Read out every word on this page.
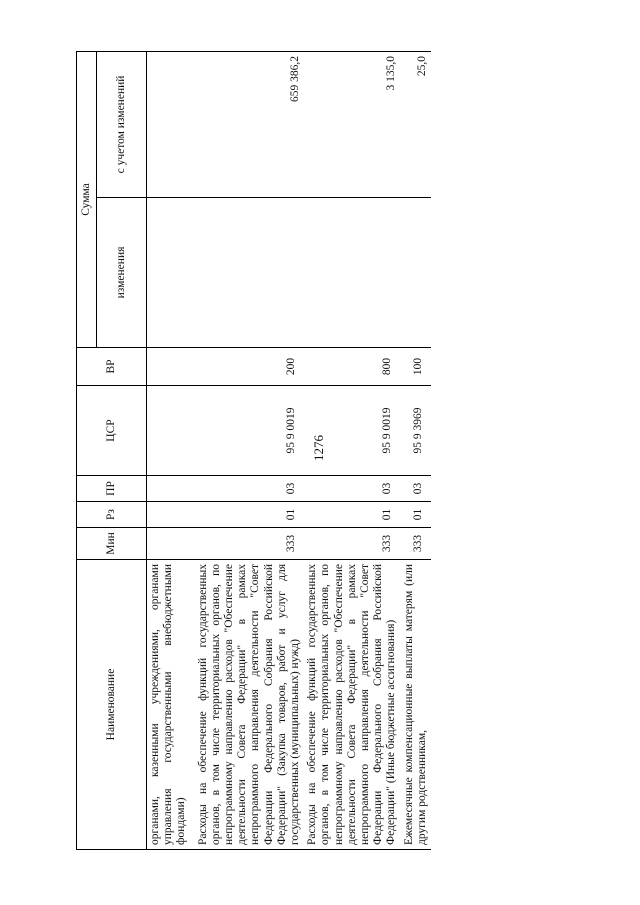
1276
Наименование	Мин	Рз	ПР	ЦСР	ВР	Сумма	
						изменения	с учетом изменений
органами, казенными учреждениями, органами управления государственными внебюджетными фондами)							
Расходы на обеспечение функций государственных органов, в том числе территориальных органов, по непрограммному направлению расходов "Обеспечение деятельности Совета Федерации" в рамках непрограммного направления деятельности "Совет Федерации Федерального Собрания Российской Федерации" (Закупка товаров, работ и услуг для государственных (муниципальных) нужд)	333	01	03	95 9 0019	200		659 386,2
Расходы на обеспечение функций государственных органов, в том числе территориальных органов, по непрограммному направлению расходов "Обеспечение деятельности Совета Федерации" в рамках непрограммного направления деятельности "Совет Федерации Федерального Собрания Российской Федерации" (Иные бюджетные ассигнования)	333	01	03	95 9 0019	800		3 135,0
Ежемесячные компенсационные выплаты матерям (или другим родственникам,	333	01	03	95 9 3969	100		25,0
